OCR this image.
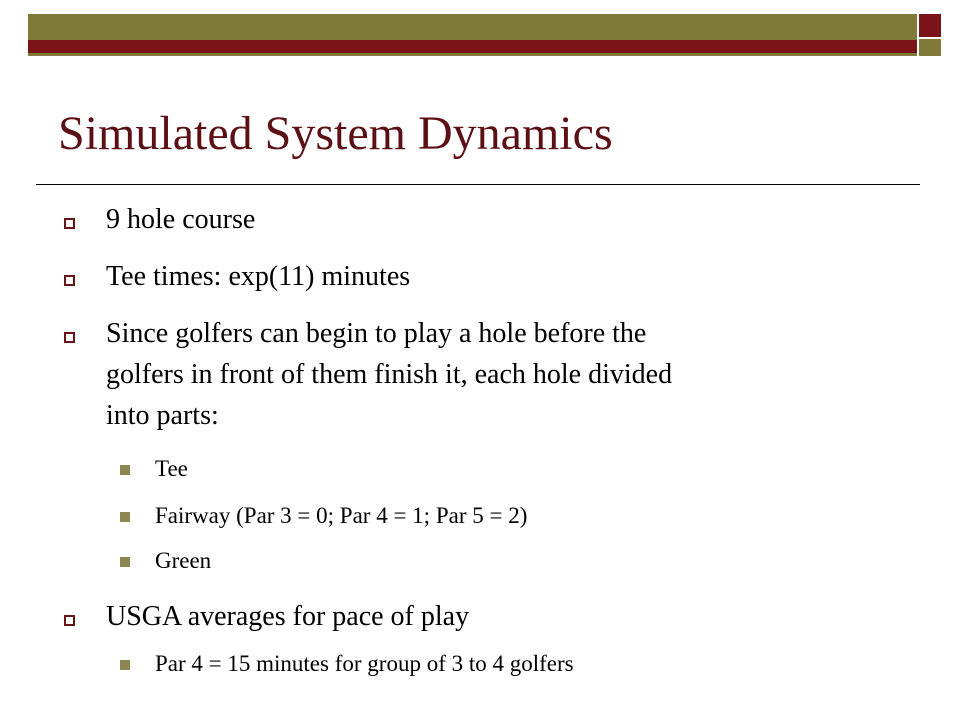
Simulated System Dynamics
9 hole course
Tee times: exp(11) minutes
Since golfers can begin to play a hole before the
golfers in front of them finish it, each hole divided
into parts:
Tee
Fairway (Par 3 = 0; Par 4 = 1; Par 5 = 2)
Green
USGA averages for pace of play
Par 4 = 15 minutes for group of 3 to 4 golfers
